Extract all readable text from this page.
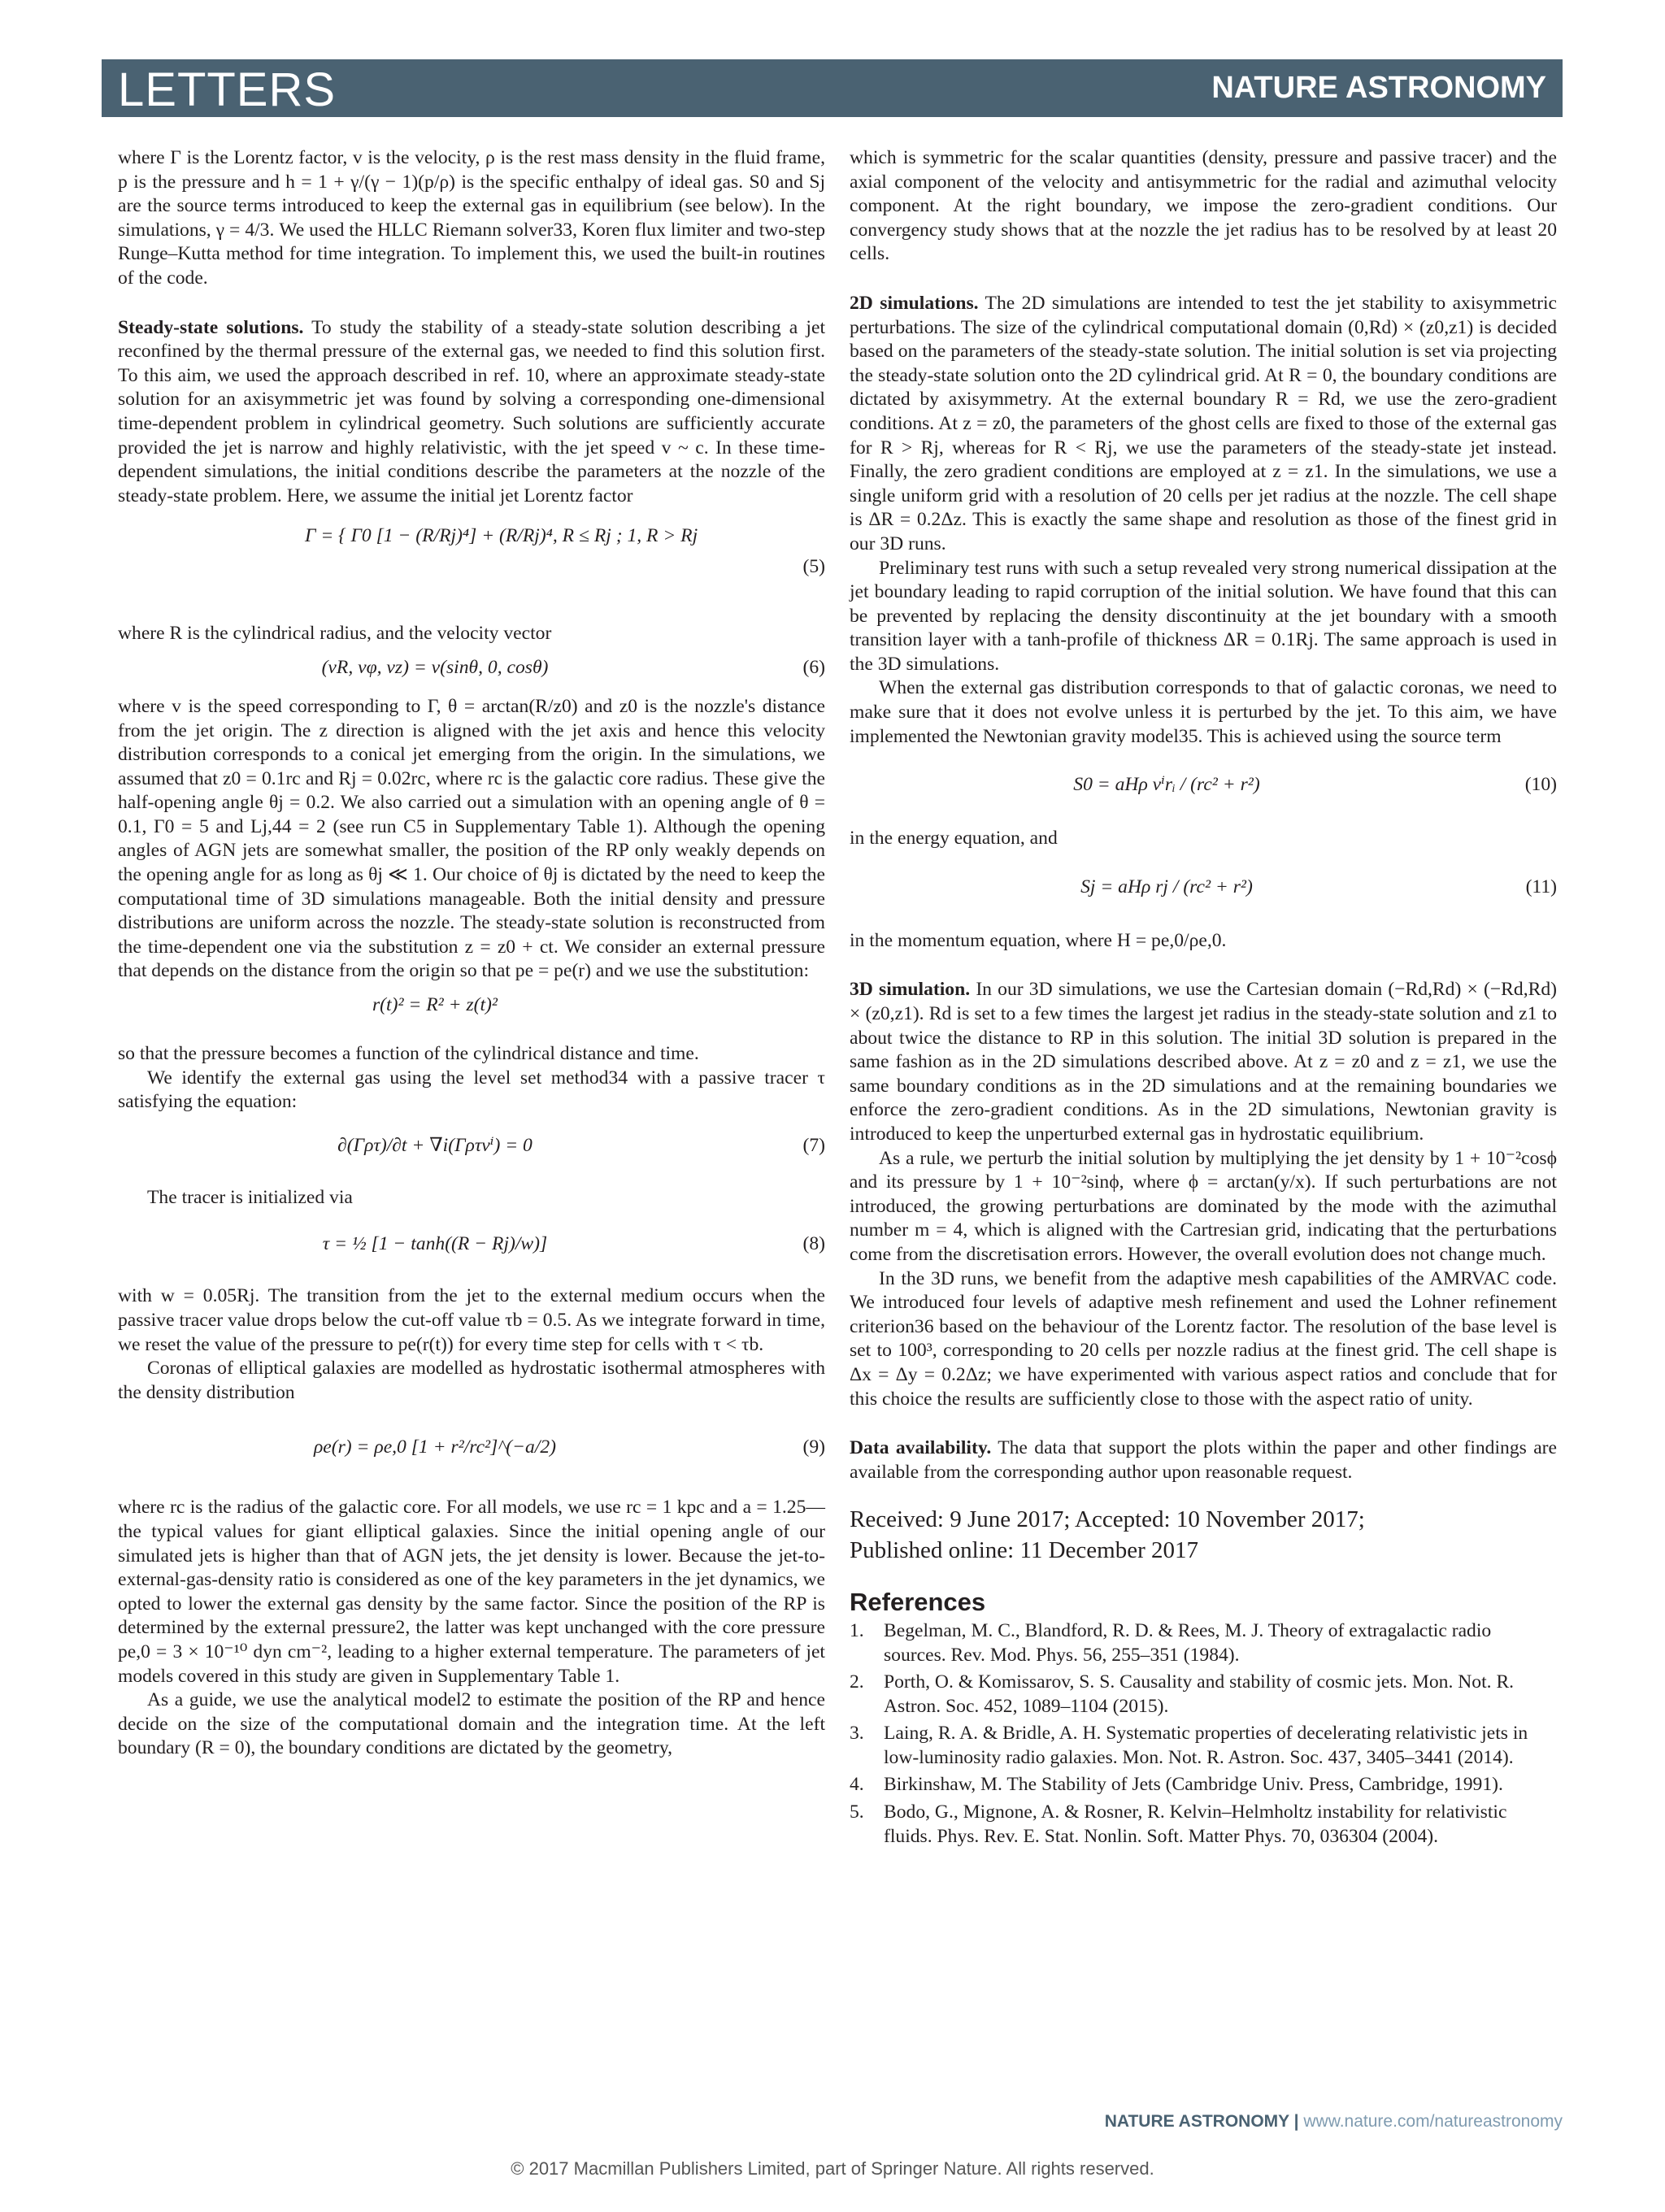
LETTERS	NATURE ASTRONOMY

where Γ is the Lorentz factor, v is the velocity, ρ is the rest mass density in the fluid frame, p is the pressure and h = 1 + γ/(γ − 1)(p/ρ) is the specific enthalpy of ideal gas. S0 and Sj are the source terms introduced to keep the external gas in equilibrium (see below). In the simulations, γ = 4/3. We used the HLLC Riemann solver33, Koren flux limiter and two-step Runge–Kutta method for time integration. To implement this, we used the built-in routines of the code.

Steady-state solutions. To study the stability of a steady-state solution describing a jet reconfined by the thermal pressure of the external gas, we needed to find this solution first. To this aim, we used the approach described in ref. 10, where an approximate steady-state solution for an axisymmetric jet was found by solving a corresponding one-dimensional time-dependent problem in cylindrical geometry. Such solutions are sufficiently accurate provided the jet is narrow and highly relativistic, with the jet speed v ~ c. In these time-dependent simulations, the initial conditions describe the parameters at the nozzle of the steady-state problem. Here, we assume the initial jet Lorentz factor

Γ = { Γ0 [1 − (R/Rj)⁴] + (R/Rj)⁴, R ≤ Rj ; 1, R > Rj
(5)

where R is the cylindrical radius, and the velocity vector

(vR, vφ, vz) = v(sinθ, 0, cosθ)	(6)

where v is the speed corresponding to Γ, θ = arctan(R/z0) and z0 is the nozzle's distance from the jet origin. The z direction is aligned with the jet axis and hence this velocity distribution corresponds to a conical jet emerging from the origin. In the simulations, we assumed that z0 = 0.1rc and Rj = 0.02rc, where rc is the galactic core radius. These give the half-opening angle θj = 0.2. We also carried out a simulation with an opening angle of θ = 0.1, Γ0 = 5 and Lj,44 = 2 (see run C5 in Supplementary Table 1). Although the opening angles of AGN jets are somewhat smaller, the position of the RP only weakly depends on the opening angle for as long as θj ≪ 1. Our choice of θj is dictated by the need to keep the computational time of 3D simulations manageable. Both the initial density and pressure distributions are uniform across the nozzle. The steady-state solution is reconstructed from the time-dependent one via the substitution z = z0 + ct. We consider an external pressure that depends on the distance from the origin so that pe = pe(r) and we use the substitution:

r(t)² = R² + z(t)²

so that the pressure becomes a function of the cylindrical distance and time.

We identify the external gas using the level set method34 with a passive tracer τ satisfying the equation:

∂(Γρτ)/∂t + ∇i(Γρτvⁱ) = 0	(7)

The tracer is initialized via

τ = ½ [1 − tanh((R − Rj)/w)]	(8)

with w = 0.05Rj. The transition from the jet to the external medium occurs when the passive tracer value drops below the cut-off value τb = 0.5. As we integrate forward in time, we reset the value of the pressure to pe(r(t)) for every time step for cells with τ < τb.

Coronas of elliptical galaxies are modelled as hydrostatic isothermal atmospheres with the density distribution

ρe(r) = ρe,0 [1 + r²/rc²]^(−a/2)	(9)

where rc is the radius of the galactic core. For all models, we use rc = 1 kpc and a = 1.25—the typical values for giant elliptical galaxies. Since the initial opening angle of our simulated jets is higher than that of AGN jets, the jet density is lower. Because the jet-to-external-gas-density ratio is considered as one of the key parameters in the jet dynamics, we opted to lower the external gas density by the same factor. Since the position of the RP is determined by the external pressure2, the latter was kept unchanged with the core pressure pe,0 = 3 × 10⁻¹⁰ dyn cm⁻², leading to a higher external temperature. The parameters of jet models covered in this study are given in Supplementary Table 1.

As a guide, we use the analytical model2 to estimate the position of the RP and hence decide on the size of the computational domain and the integration time. At the left boundary (R = 0), the boundary conditions are dictated by the geometry,

which is symmetric for the scalar quantities (density, pressure and passive tracer) and the axial component of the velocity and antisymmetric for the radial and azimuthal velocity component. At the right boundary, we impose the zero-gradient conditions. Our convergency study shows that at the nozzle the jet radius has to be resolved by at least 20 cells.

2D simulations. The 2D simulations are intended to test the jet stability to axisymmetric perturbations. The size of the cylindrical computational domain (0,Rd) × (z0,z1) is decided based on the parameters of the steady-state solution. The initial solution is set via projecting the steady-state solution onto the 2D cylindrical grid. At R = 0, the boundary conditions are dictated by axisymmetry. At the external boundary R = Rd, we use the zero-gradient conditions. At z = z0, the parameters of the ghost cells are fixed to those of the external gas for R > Rj, whereas for R < Rj, we use the parameters of the steady-state jet instead. Finally, the zero gradient conditions are employed at z = z1. In the simulations, we use a single uniform grid with a resolution of 20 cells per jet radius at the nozzle. The cell shape is ΔR = 0.2Δz. This is exactly the same shape and resolution as those of the finest grid in our 3D runs.

Preliminary test runs with such a setup revealed very strong numerical dissipation at the jet boundary leading to rapid corruption of the initial solution. We have found that this can be prevented by replacing the density discontinuity at the jet boundary with a smooth transition layer with a tanh-profile of thickness ΔR = 0.1Rj. The same approach is used in the 3D simulations.

When the external gas distribution corresponds to that of galactic coronas, we need to make sure that it does not evolve unless it is perturbed by the jet. To this aim, we have implemented the Newtonian gravity model35. This is achieved using the source term

S0 = aHρ vⁱrᵢ / (rc² + r²)	(10)

in the energy equation, and

Sj = aHρ rj / (rc² + r²)	(11)

in the momentum equation, where H = pe,0/ρe,0.

3D simulation. In our 3D simulations, we use the Cartesian domain (−Rd,Rd) × (−Rd,Rd) × (z0,z1). Rd is set to a few times the largest jet radius in the steady-state solution and z1 to about twice the distance to RP in this solution. The initial 3D solution is prepared in the same fashion as in the 2D simulations described above. At z = z0 and z = z1, we use the same boundary conditions as in the 2D simulations and at the remaining boundaries we enforce the zero-gradient conditions. As in the 2D simulations, Newtonian gravity is introduced to keep the unperturbed external gas in hydrostatic equilibrium.

As a rule, we perturb the initial solution by multiplying the jet density by 1 + 10⁻²cosϕ and its pressure by 1 + 10⁻²sinϕ, where ϕ = arctan(y/x). If such perturbations are not introduced, the growing perturbations are dominated by the mode with the azimuthal number m = 4, which is aligned with the Cartresian grid, indicating that the perturbations come from the discretisation errors. However, the overall evolution does not change much.

In the 3D runs, we benefit from the adaptive mesh capabilities of the AMRVAC code. We introduced four levels of adaptive mesh refinement and used the Lohner refinement criterion36 based on the behaviour of the Lorentz factor. The resolution of the base level is set to 100³, corresponding to 20 cells per nozzle radius at the finest grid. The cell shape is Δx = Δy = 0.2Δz; we have experimented with various aspect ratios and conclude that for this choice the results are sufficiently close to those with the aspect ratio of unity.

Data availability. The data that support the plots within the paper and other findings are available from the corresponding author upon reasonable request.

Received: 9 June 2017; Accepted: 10 November 2017;
Published online: 11 December 2017
References
1. Begelman, M. C., Blandford, R. D. & Rees, M. J. Theory of extragalactic radio sources. Rev. Mod. Phys. 56, 255–351 (1984).
2. Porth, O. & Komissarov, S. S. Causality and stability of cosmic jets. Mon. Not. R. Astron. Soc. 452, 1089–1104 (2015).
3. Laing, R. A. & Bridle, A. H. Systematic properties of decelerating relativistic jets in low-luminosity radio galaxies. Mon. Not. R. Astron. Soc. 437, 3405–3441 (2014).
4. Birkinshaw, M. The Stability of Jets (Cambridge Univ. Press, Cambridge, 1991).
5. Bodo, G., Mignone, A. & Rosner, R. Kelvin–Helmholtz instability for relativistic fluids. Phys. Rev. E. Stat. Nonlin. Soft. Matter Phys. 70, 036304 (2004).
NATURE ASTRONOMY | www.nature.com/natureastronomy
© 2017 Macmillan Publishers Limited, part of Springer Nature. All rights reserved.
